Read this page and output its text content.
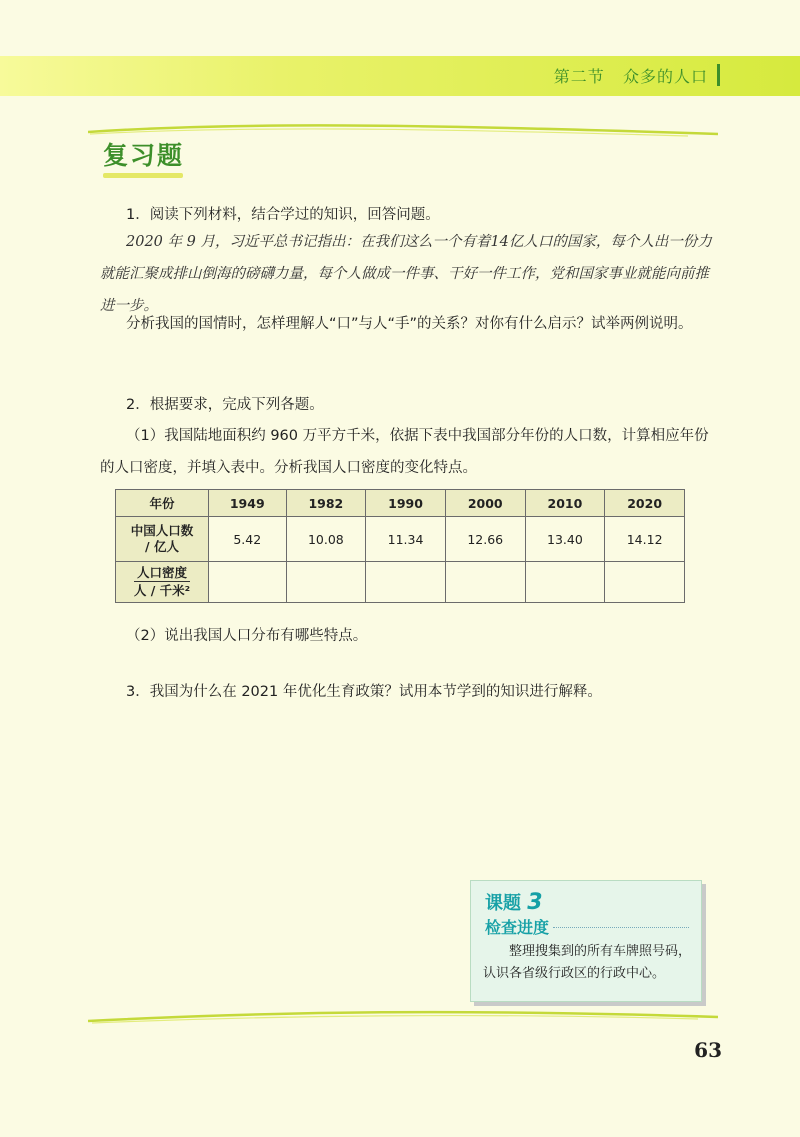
第二节 众多的人口
复习题
1．阅读下列材料，结合学过的知识，回答问题。

2020 年 9 月，习近平总书记指出：在我们这么一个有着14亿人口的国家，每个人出一份力就能汇聚成排山倒海的磅礴力量，每个人做成一件事、干好一件工作，党和国家事业就能向前推进一步。

分析我国的国情时，怎样理解人“口”与人“手”的关系？对你有什么启示？试举两例说明。

2．根据要求，完成下列各题。

（1）我国陆地面积约 960 万平方千米，依据下表中我国部分年份的人口数，计算相应年份的人口密度，并填入表中。分析我国人口密度的变化特点。

年份	1949	1982	1990	2000	2010	2020
中国人口数
/ 亿人	5.42	10.08	11.34	12.66	13.40	14.12
人口密度
人 / 千米²						
（2）说出我国人口分布有哪些特点。
3．我国为什么在 2021 年优化生育政策？试用本节学到的知识进行解释。
课题 3
检查进度
整理搜集到的所有车牌照号码，认识各省级行政区的行政中心。
63
